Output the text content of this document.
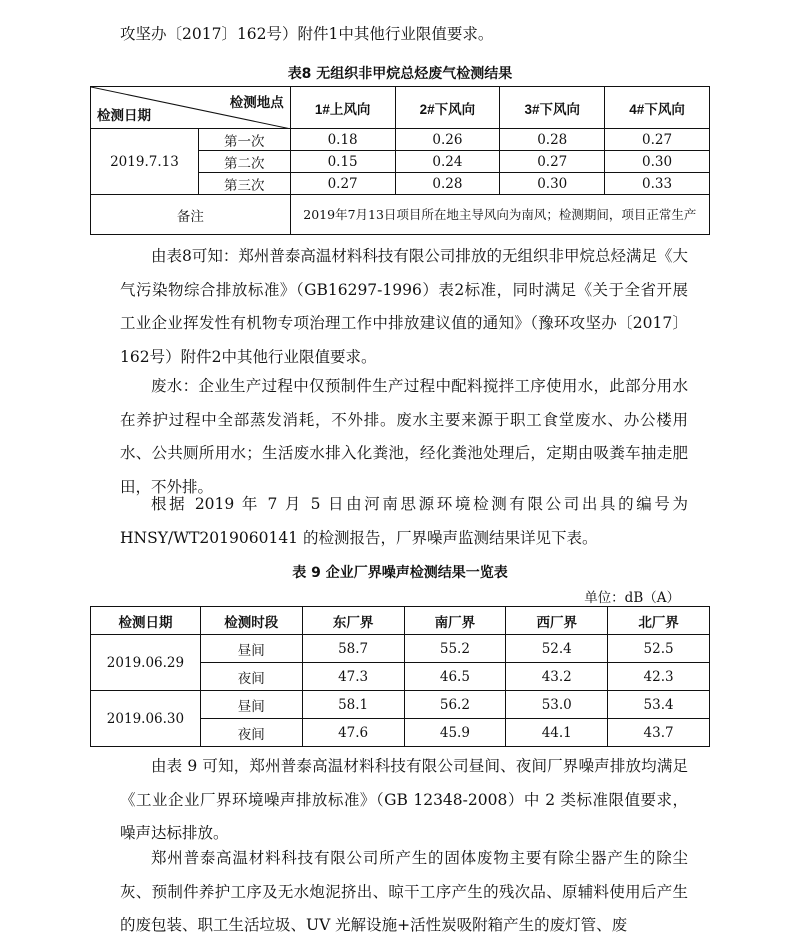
攻坚办〔2017〕162号）附件1中其他行业限值要求。

表8 无组织非甲烷总烃废气检测结果
检测地点
检测日期		1#上风向	2#下风向	3#下风向	4#下风向
2019.7.13	第一次	0.18	0.26	0.28	0.27
	第二次	0.15	0.24	0.27	0.30
	第三次	0.27	0.28	0.30	0.33
备注		2019年7月13日项目所在地主导风向为南风；检测期间，项目正常生产			

由表8可知：郑州普泰高温材料科技有限公司排放的无组织非甲烷总烃满足《大气污染物综合排放标准》（GB16297-1996）表2标准，同时满足《关于全省开展工业企业挥发性有机物专项治理工作中排放建议值的通知》（豫环攻坚办〔2017〕162号）附件2中其他行业限值要求。

废水：企业生产过程中仅预制件生产过程中配料搅拌工序使用水，此部分用水在养护过程中全部蒸发消耗，不外排。废水主要来源于职工食堂废水、办公楼用水、公共厕所用水；生活废水排入化粪池，经化粪池处理后，定期由吸粪车抽走肥田，不外排。

根据 2019 年 7 月 5 日由河南思源环境检测有限公司出具的编号为HNSY/WT2019060141 的检测报告，厂界噪声监测结果详见下表。

表 9 企业厂界噪声检测结果一览表
单位：dB（A）
检测日期	检测时段	东厂界	南厂界	西厂界	北厂界
2019.06.29	昼间	58.7	55.2	52.4	52.5
	夜间	47.3	46.5	43.2	42.3
2019.06.30	昼间	58.1	56.2	53.0	53.4
	夜间	47.6	45.9	44.1	43.7

由表 9 可知，郑州普泰高温材料科技有限公司昼间、夜间厂界噪声排放均满足《工业企业厂界环境噪声排放标准》（GB 12348-2008）中 2 类标准限值要求，噪声达标排放。

郑州普泰高温材料科技有限公司所产生的固体废物主要有除尘器产生的除尘灰、预制件养护工序及无水炮泥挤出、晾干工序产生的残次品、原辅料使用后产生的废包装、职工生活垃圾、UV 光解设施+活性炭吸附箱产生的废灯管、废
